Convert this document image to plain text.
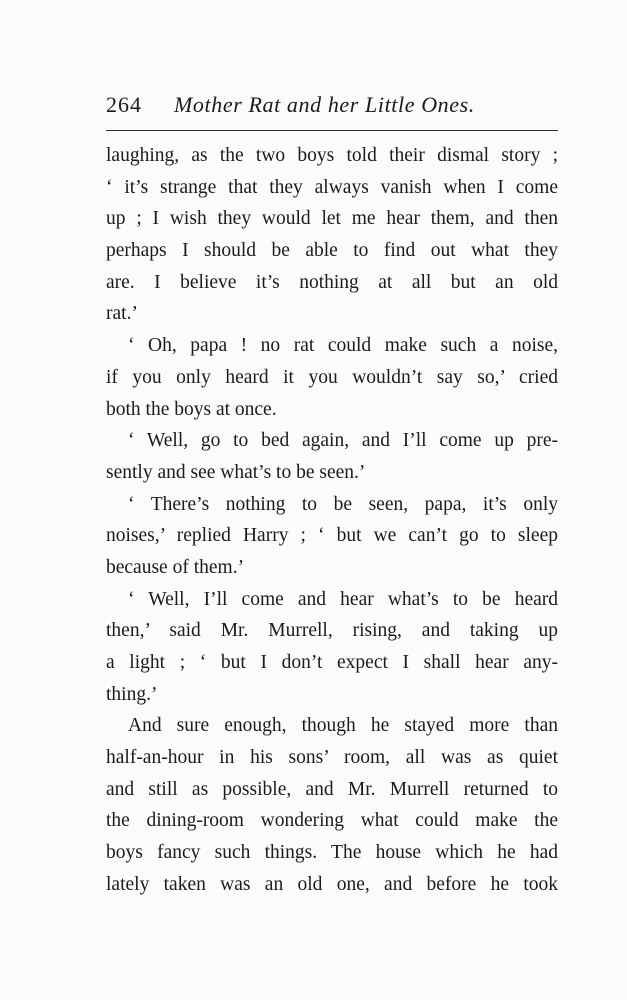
264 Mother Rat and her Little Ones.
laughing, as the two boys told their dismal story ;
‘ it’s strange that they always vanish when I come
up ; I wish they would let me hear them, and then
perhaps I should be able to find out what they
are. I believe it’s nothing at all but an old
rat.’
‘ Oh, papa ! no rat could make such a noise,
if you only heard it you wouldn’t say so,’ cried
both the boys at once.
‘ Well, go to bed again, and I’ll come up pre-
sently and see what’s to be seen.’
‘ There’s nothing to be seen, papa, it’s only
noises,’ replied Harry ; ‘ but we can’t go to sleep
because of them.’
‘ Well, I’ll come and hear what’s to be heard
then,’ said Mr. Murrell, rising, and taking up
a light ; ‘ but I don’t expect I shall hear any-
thing.’
And sure enough, though he stayed more than
half-an-hour in his sons’ room, all was as quiet
and still as possible, and Mr. Murrell returned to
the dining-room wondering what could make the
boys fancy such things. The house which he had
lately taken was an old one, and before he took
